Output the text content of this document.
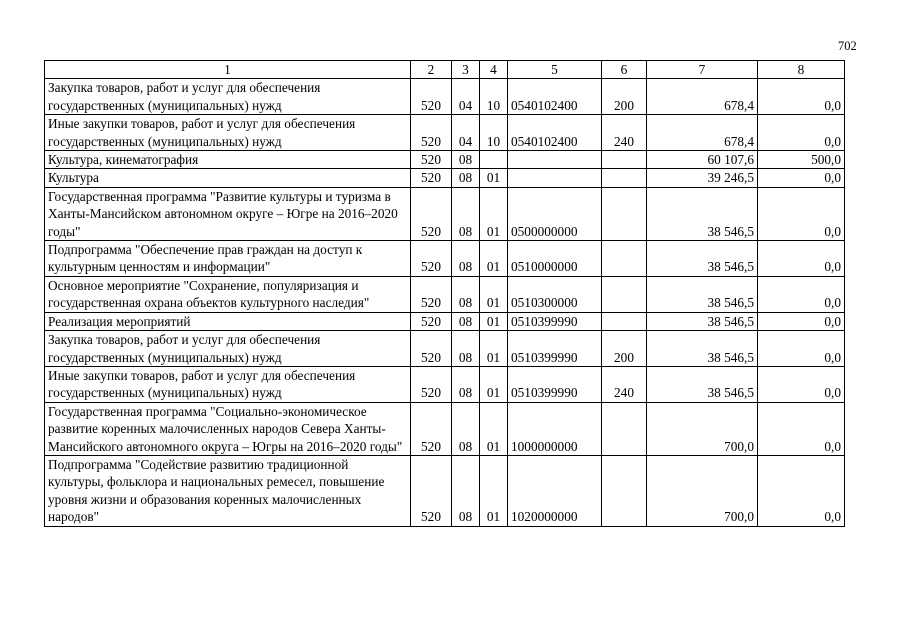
702
1	2	3	4	5	6	7	8
Закупка товаров, работ и услуг для обеспечения государственных (муниципальных) нужд	520	04	10	0540102400	200	678,4	0,0
Иные закупки товаров, работ и услуг для обеспечения государственных (муниципальных) нужд	520	04	10	0540102400	240	678,4	0,0
Культура, кинематография	520	08				60 107,6	500,0
Культура	520	08	01			39 246,5	0,0
Государственная программа "Развитие культуры и туризма в Ханты-Мансийском автономном округе – Югре на 2016–2020 годы"	520	08	01	0500000000		38 546,5	0,0
Подпрограмма "Обеспечение прав граждан на доступ к культурным ценностям и информации"	520	08	01	0510000000		38 546,5	0,0
Основное мероприятие "Сохранение, популяризация и государственная охрана объектов культурного наследия"	520	08	01	0510300000		38 546,5	0,0
Реализация мероприятий	520	08	01	0510399990		38 546,5	0,0
Закупка товаров, работ и услуг для обеспечения государственных (муниципальных) нужд	520	08	01	0510399990	200	38 546,5	0,0
Иные закупки товаров, работ и услуг для обеспечения государственных (муниципальных) нужд	520	08	01	0510399990	240	38 546,5	0,0
Государственная программа "Социально-экономическое развитие коренных малочисленных народов Севера Ханты-Мансийского автономного округа – Югры на 2016–2020 годы"	520	08	01	1000000000		700,0	0,0
Подпрограмма "Содействие развитию традиционной культуры, фольклора и национальных ремесел, повышение уровня жизни и образования коренных малочисленных народов"	520	08	01	1020000000		700,0	0,0
